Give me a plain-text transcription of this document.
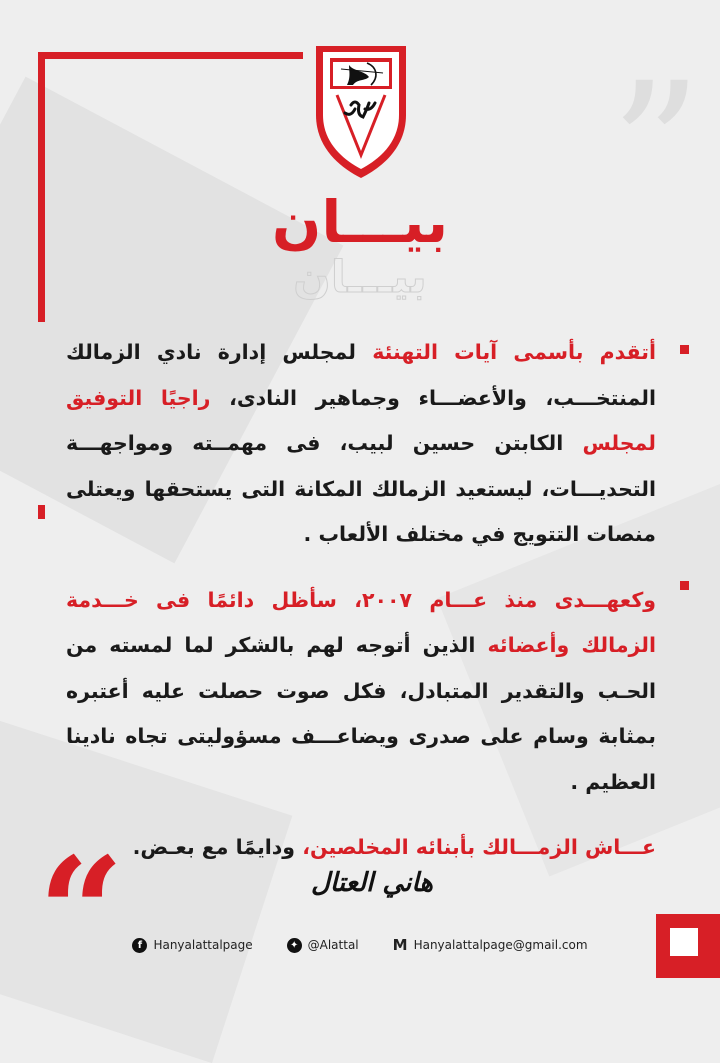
”
“
بيـــان
بيـــان

أتقدم بأسمى آيات التهنئة لمجلس إدارة نادي الزمالك المنتخـــب، والأعضـــاء وجماهير النادى، راجيًا التوفيق لمجلس الكابتن حسين لبيب، فى مهمــته ومواجهـــة التحديـــات، ليستعيد الزمالك المكانة التى يستحقها ويعتلى منصات التتويج في مختلف الألعاب .

وكعهـــدى منذ عـــام ٢٠٠٧، سأظل دائمًا فى خـــدمة الزمالك وأعضائه الذين أتوجه لهم بالشكر لما لمسته من الحـب والتقدير المتبادل، فكل صوت حصلت عليه أعتبره بمثابة وسام على صدرى ويضاعـــف مسؤوليتى تجاه نادينا العظيم .

عـــاش الزمـــالك بأبنائه المخلصين، ودايمًا مع بعـض.

هاني العتال
f Hanyalattalpage	✦ @Alattal M Hanyalattalpage@gmail.com
